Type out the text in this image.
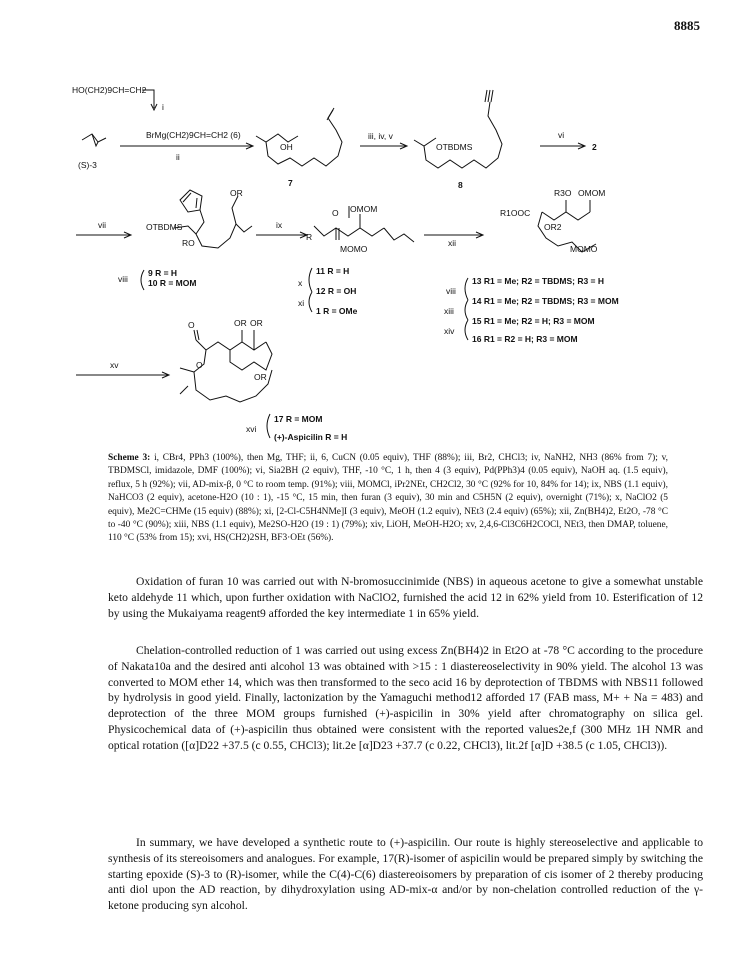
8885
HO(CH2)9CH=CH2
i
BrMg(CH2)9CH=CH2 (6)
ii
(S)-3
OH
iii, iv, v
OTBDMS
7	8
vi
2
vii
OR
OTBDMS
RO
ix
R
O OMOM
MOMO
xii
R3O OMOM
R1OOC
OR2
MOMO
viii
9 R = H
10 R = MOM	x
xi
11 R = H
12 R = OH
1 R = OMe
viii
xiii
xiv
13 R1 = Me; R2 = TBDMS; R3 = H
14 R1 = Me; R2 = TBDMS; R3 = MOM
15 R1 = Me; R2 = H; R3 = MOM
16 R1 = R2 = H; R3 = MOM
xv
OR OR
OR
O
O
xvi
17 R = MOM
(+)-Aspicilin R = H

Scheme 3: i, CBr4, PPh3 (100%), then Mg, THF; ii, 6, CuCN (0.05 equiv), THF (88%); iii, Br2, CHCl3; iv, NaNH2, NH3 (86% from 7); v, TBDMSCl, imidazole, DMF (100%); vi, Sia2BH (2 equiv), THF, -10 °C, 1 h, then 4 (3 equiv), Pd(PPh3)4 (0.05 equiv), NaOH aq. (1.5 equiv), reflux, 5 h (92%); vii, AD-mix-β, 0 °C to room temp. (91%); viii, MOMCl, iPr2NEt, CH2Cl2, 30 °C (92% for 10, 84% for 14); ix, NBS (1.1 equiv), NaHCO3 (2 equiv), acetone-H2O (10 : 1), -15 °C, 15 min, then furan (3 equiv), 30 min and C5H5N (2 equiv), overnight (71%); x, NaClO2 (5 equiv), Me2C=CHMe (15 equiv) (88%); xi, [2-Cl-C5H4NMe]I (3 equiv), MeOH (1.2 equiv), NEt3 (2.4 equiv) (65%); xii, Zn(BH4)2, Et2O, -78 °C to -40 °C (90%); xiii, NBS (1.1 equiv), Me2SO-H2O (19 : 1) (79%); xiv, LiOH, MeOH-H2O; xv, 2,4,6-Cl3C6H2COCl, NEt3, then DMAP, toluene, 110 °C (53% from 15); xvi, HS(CH2)2SH, BF3·OEt (56%).

Oxidation of furan 10 was carried out with N-bromosuccinimide (NBS) in aqueous acetone to give a somewhat unstable keto aldehyde 11 which, upon further oxidation with NaClO2, furnished the acid 12 in 62% yield from 10. Esterification of 12 by using the Mukaiyama reagent9 afforded the key intermediate 1 in 65% yield.

Chelation-controlled reduction of 1 was carried out using excess Zn(BH4)2 in Et2O at -78 °C according to the procedure of Nakata10a and the desired anti alcohol 13 was obtained with >15 : 1 diastereoselectivity in 90% yield. The alcohol 13 was converted to MOM ether 14, which was then transformed to the seco acid 16 by deprotection of TBDMS with NBS11 followed by hydrolysis in good yield. Finally, lactonization by the Yamaguchi method12 afforded 17 (FAB mass, M+ + Na = 483) and deprotection of the three MOM groups furnished (+)-aspicilin in 30% yield after chromatography on silica gel. Physicochemical data of (+)-aspicilin thus obtained were consistent with the reported values2e,f (300 MHz 1H NMR and optical rotation ([α]D22 +37.5 (c 0.55, CHCl3); lit.2e [α]D23 +37.7 (c 0.22, CHCl3), lit.2f [α]D +38.5 (c 1.05, CHCl3)).

In summary, we have developed a synthetic route to (+)-aspicilin. Our route is highly stereoselective and applicable to synthesis of its stereoisomers and analogues. For example, 17(R)-isomer of aspicilin would be prepared simply by switching the starting epoxide (S)-3 to (R)-isomer, while the C(4)-C(6) diastereoisomers by preparation of cis isomer of 2 thereby producing anti diol upon the AD reaction, by dihydroxylation using AD-mix-α and/or by non-chelation controlled reduction of the γ-ketone producing syn alcohol.
